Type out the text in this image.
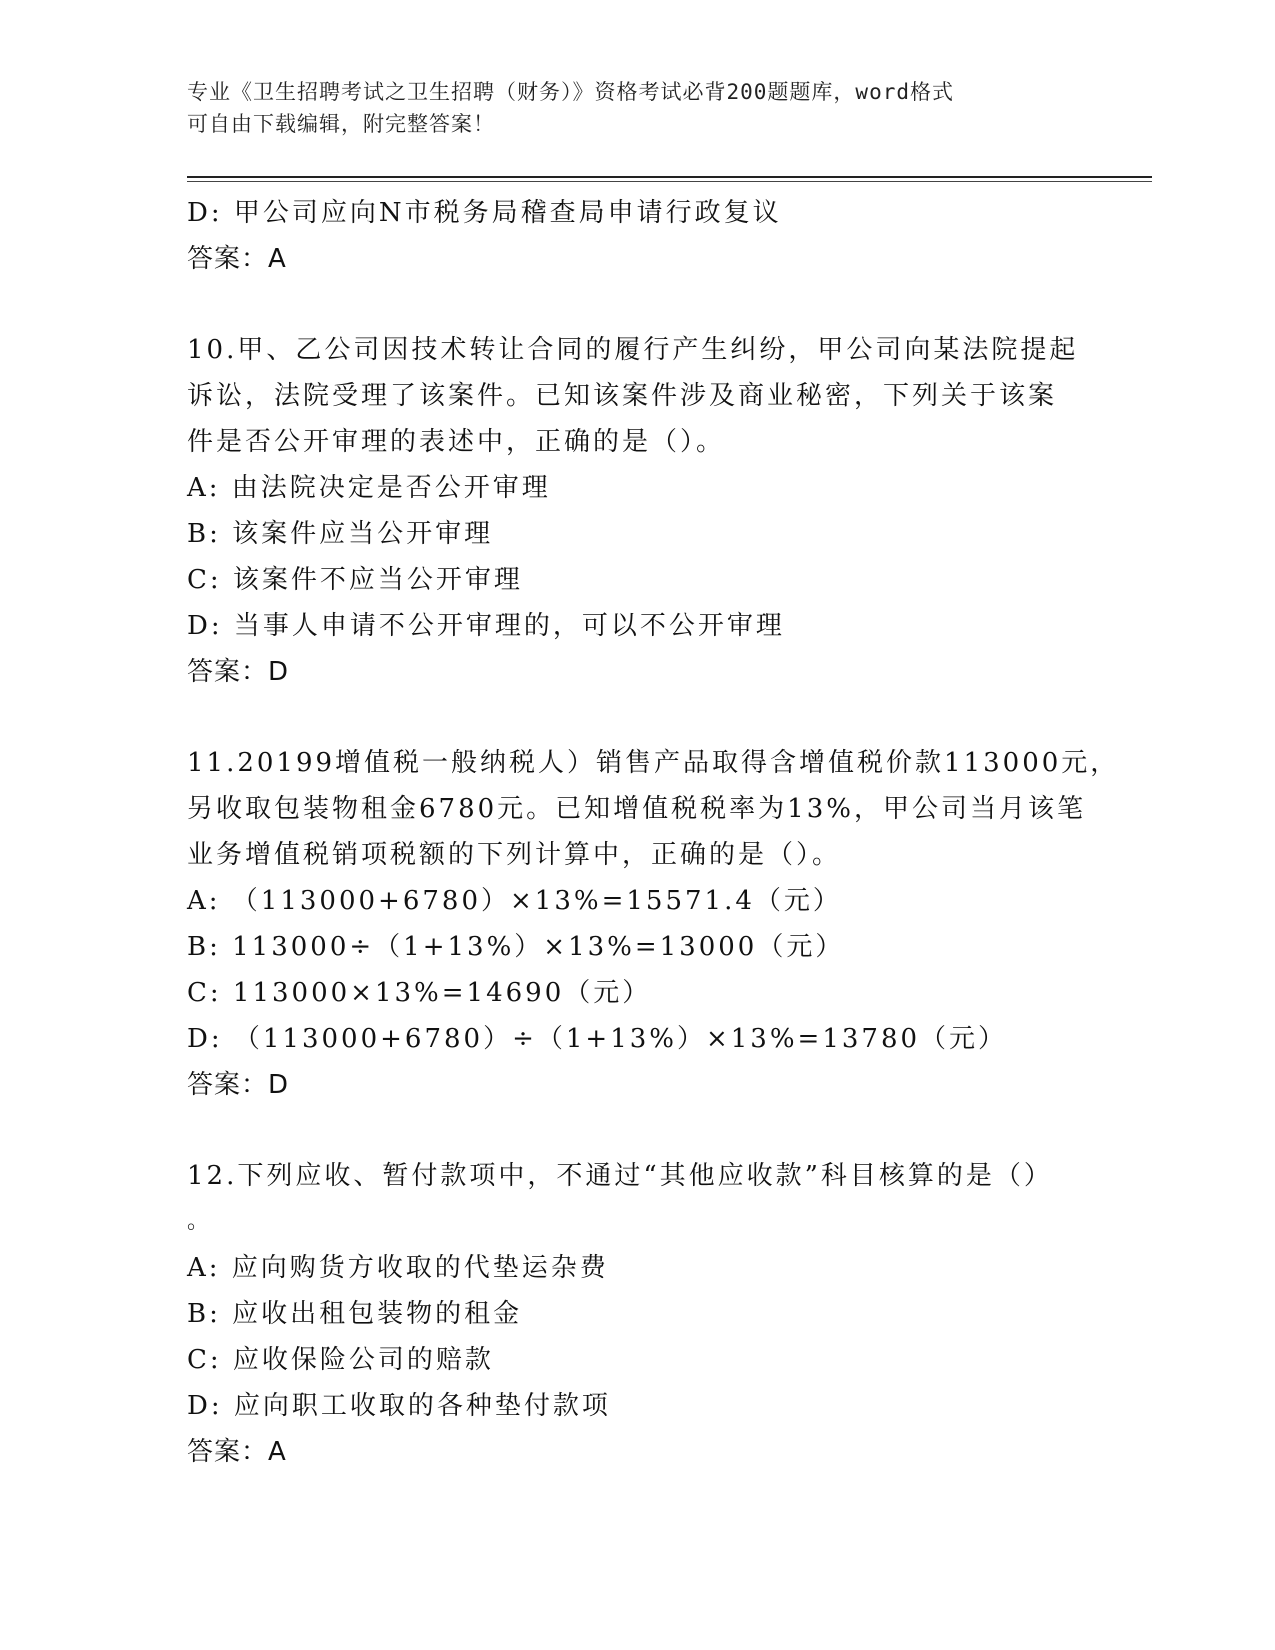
专业《卫生招聘考试之卫生招聘（财务）》资格考试必背200题题库，word格式
可自由下载编辑，附完整答案！
D: 甲公司应向N市税务局稽查局申请行政复议
答案：A
10.甲、乙公司因技术转让合同的履行产生纠纷，甲公司向某法院提起
诉讼，法院受理了该案件。已知该案件涉及商业秘密，下列关于该案
件是否公开审理的表述中，正确的是（）。
A: 由法院决定是否公开审理
B: 该案件应当公开审理
C: 该案件不应当公开审理
D: 当事人申请不公开审理的，可以不公开审理
答案：D
11.20199增值税一般纳税人）销售产品取得含增值税价款113000元，
另收取包装物租金6780元。已知增值税税率为13%，甲公司当月该笔
业务增值税销项税额的下列计算中，正确的是（）。
A: （113000+6780）×13%=15571.4（元）
B: 113000÷（1+13%）×13%=13000（元）
C: 113000×13%=14690（元）
D: （113000+6780）÷（1+13%）×13%=13780（元）
答案：D
12.下列应收、暂付款项中，不通过“其他应收款”科目核算的是（）
。
A: 应向购货方收取的代垫运杂费
B: 应收出租包装物的租金
C: 应收保险公司的赔款
D: 应向职工收取的各种垫付款项
答案：A
